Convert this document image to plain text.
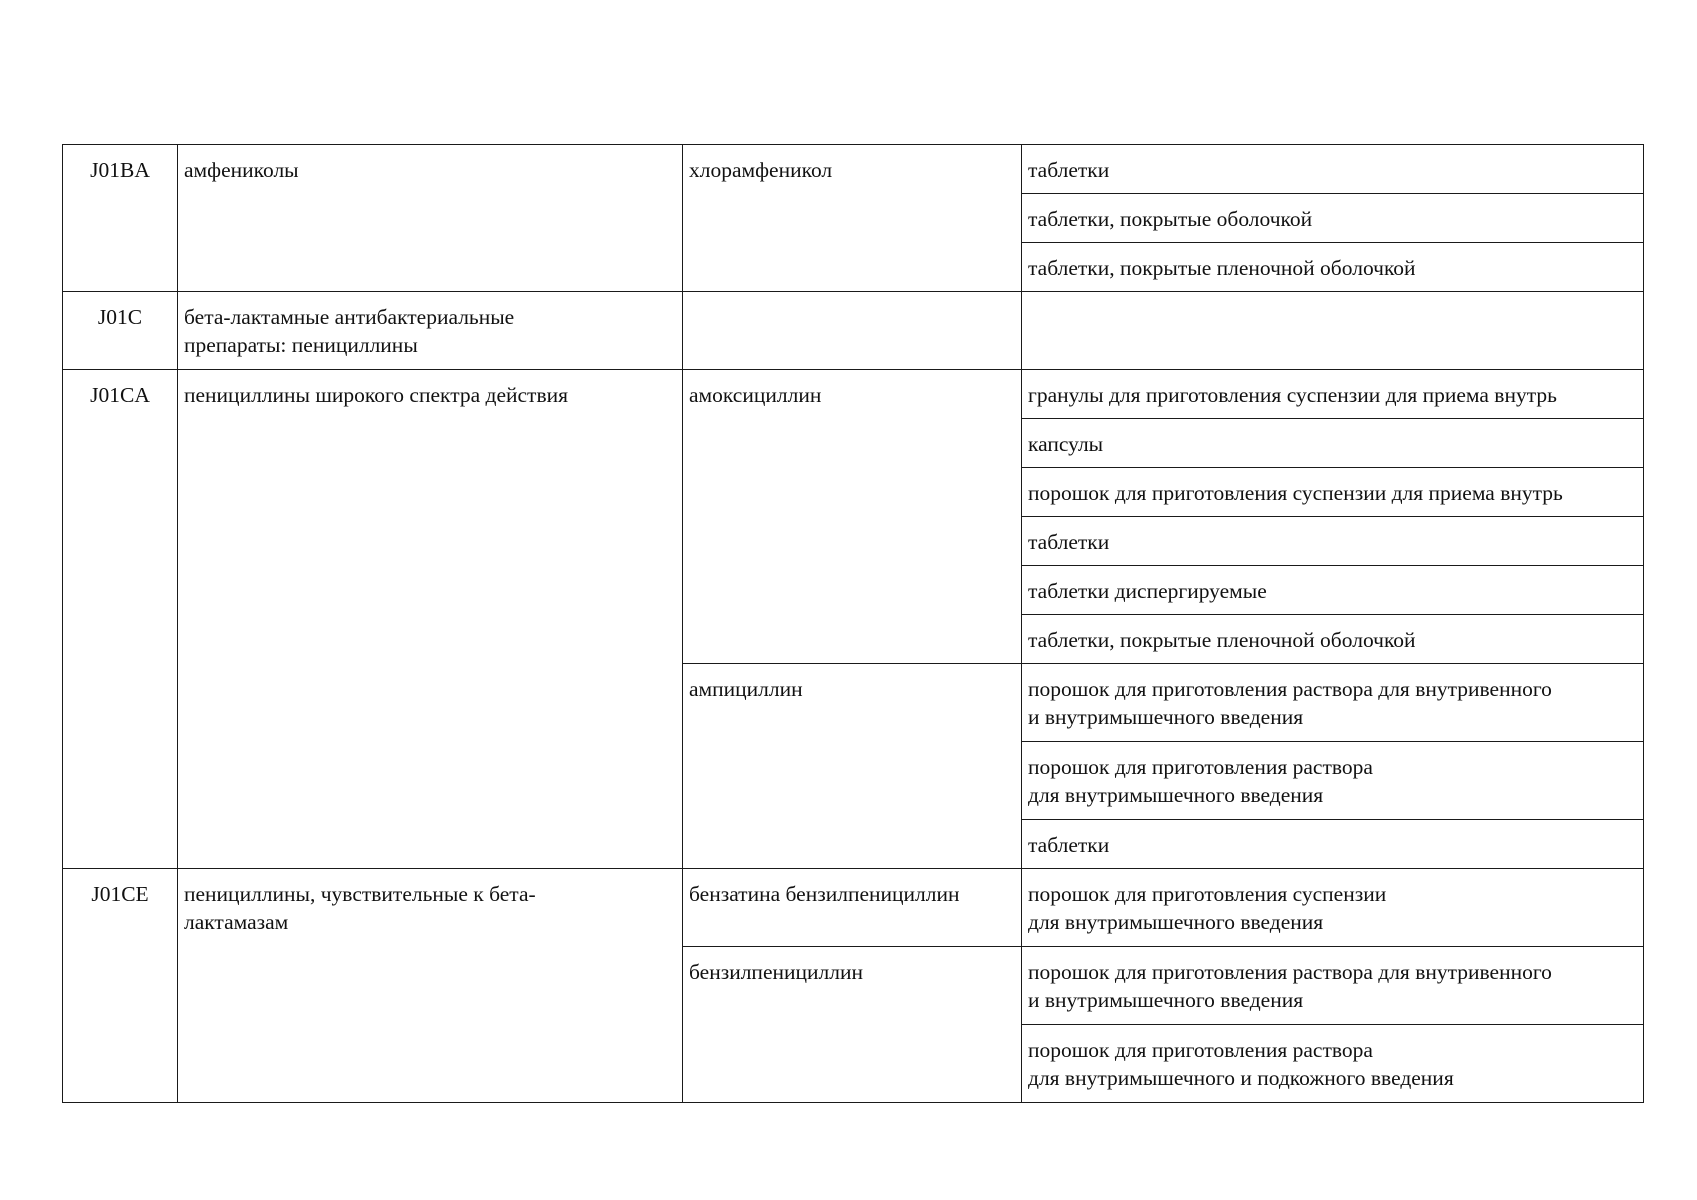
J01BA	амфениколы	хлорамфеникол	таблетки

			таблетки, покрытые оболочкой

			таблетки, покрытые пленочной оболочкой

J01C	бета-лактамные антибактериальные
препараты: пенициллины		

J01CA	пенициллины широкого спектра действия	амоксициллин	гранулы для приготовления суспензии для приема внутрь

			капсулы

			порошок для приготовления суспензии для приема внутрь

			таблетки

			таблетки диспергируемые

			таблетки, покрытые пленочной оболочкой

		ампициллин	порошок для приготовления раствора для внутривенного
и внутримышечного введения

			порошок для приготовления раствора
для внутримышечного введения

			таблетки

J01CE	пенициллины, чувствительные к бета-
лактамазам	бензатина бензилпенициллин	порошок для приготовления суспензии
для внутримышечного введения

		бензилпенициллин	порошок для приготовления раствора для внутривенного
и внутримышечного введения

			порошок для приготовления раствора
для внутримышечного и подкожного введения
